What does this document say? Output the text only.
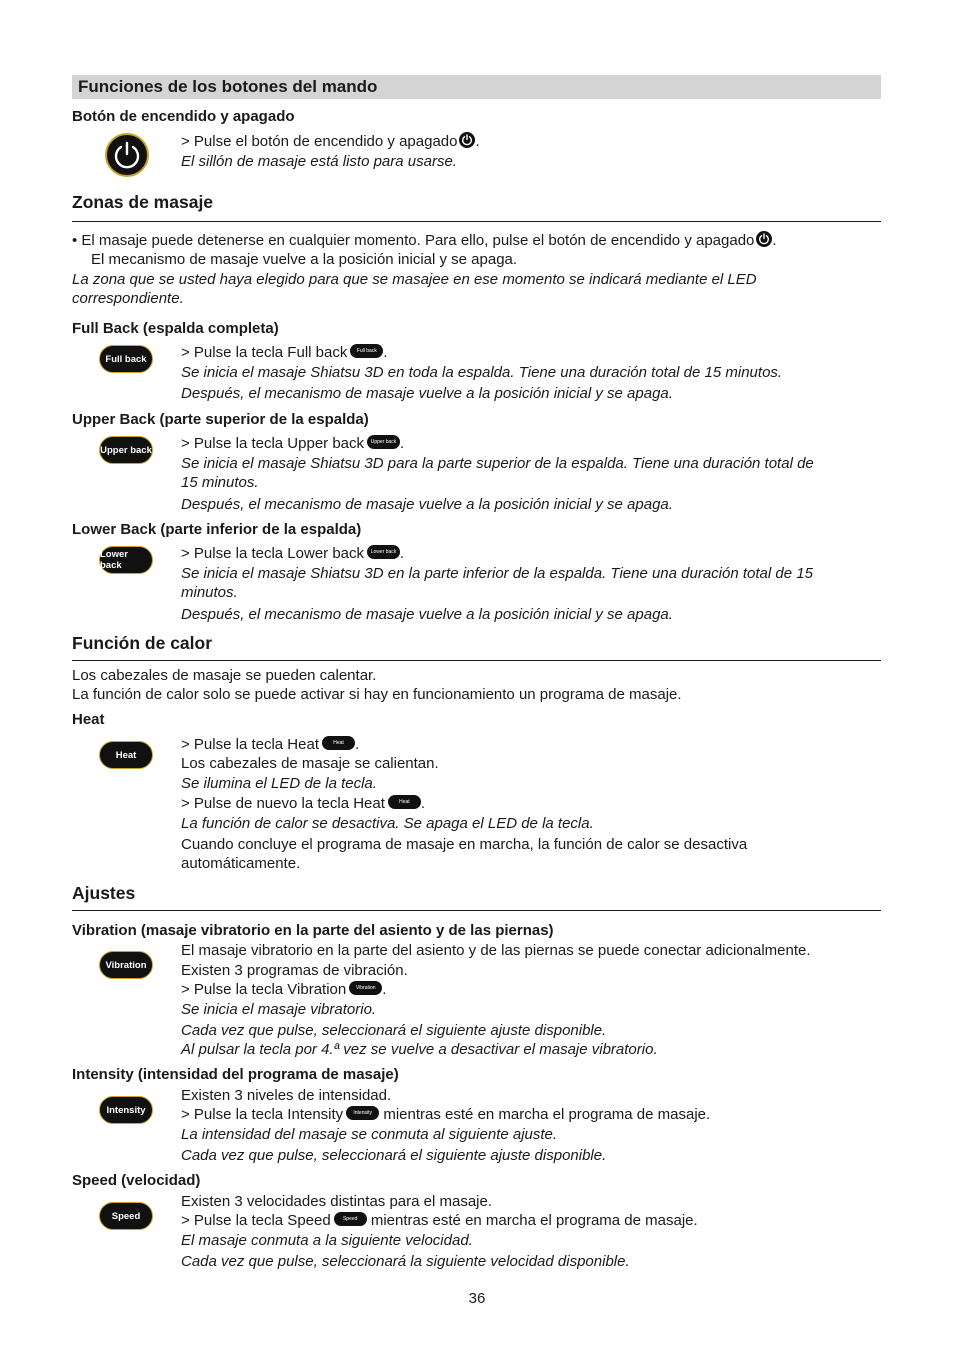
Funciones de los botones del mando
Botón de encendido y apagado
> Pulse el botón de encendido y apagado .
El sillón de masaje está listo para usarse.
Zonas de masaje
• El masaje puede detenerse en cualquier momento. Para ello, pulse el botón de encendido y apagado .
El mecanismo de masaje vuelve a la posición inicial y se apaga.
La zona que se usted haya elegido para que se masajee en ese momento se indicará mediante el LED
correspondiente.
Full Back (espalda completa)
Full back	> Pulse la tecla Full back Full back .
Se inicia el masaje Shiatsu 3D en toda la espalda. Tiene una duración total de 15 minutos.
Después, el mecanismo de masaje vuelve a la posición inicial y se apaga.
Upper Back (parte superior de la espalda)
Upper back > Pulse la tecla Upper back Upper back .
Se inicia el masaje Shiatsu 3D para la parte superior de la espalda. Tiene una duración total de
15 minutos.
Después, el mecanismo de masaje vuelve a la posición inicial y se apaga.
Lower Back (parte inferior de la espalda)
Lower back
> Pulse la tecla Lower back Lower back .
Se inicia el masaje Shiatsu 3D en la parte inferior de la espalda. Tiene una duración total de 15
minutos.
Después, el mecanismo de masaje vuelve a la posición inicial y se apaga.
Función de calor
Los cabezales de masaje se pueden calentar.
La función de calor solo se puede activar si hay en funcionamiento un programa de masaje.
Heat
Heat
> Pulse la tecla Heat	Heat .
Los cabezales de masaje se calientan.
Se ilumina el LED de la tecla.
> Pulse de nuevo la tecla Heat	Heat .
La función de calor se desactiva. Se apaga el LED de la tecla.
Cuando concluye el programa de masaje en marcha, la función de calor se desactiva
automáticamente.
Ajustes
Vibration (masaje vibratorio en la parte del asiento y de las piernas)
Vibration
El masaje vibratorio en la parte del asiento y de las piernas se puede conectar adicionalmente.
Existen 3 programas de vibración.
> Pulse la tecla Vibration Vibration .
Se inicia el masaje vibratorio.
Cada vez que pulse, seleccionará el siguiente ajuste disponible.
Al pulsar la tecla por 4.ª vez se vuelve a desactivar el masaje vibratorio.
Intensity (intensidad del programa de masaje)
Intensity
Existen 3 niveles de intensidad.
> Pulse la tecla Intensity Intensity mientras esté en marcha el programa de masaje.
La intensidad del masaje se conmuta al siguiente ajuste.
Cada vez que pulse, seleccionará el siguiente ajuste disponible.
Speed (velocidad)
Speed
Existen 3 velocidades distintas para el masaje.
> Pulse la tecla Speed Speed mientras esté en marcha el programa de masaje.
El masaje conmuta a la siguiente velocidad.
Cada vez que pulse, seleccionará la siguiente velocidad disponible.
36
